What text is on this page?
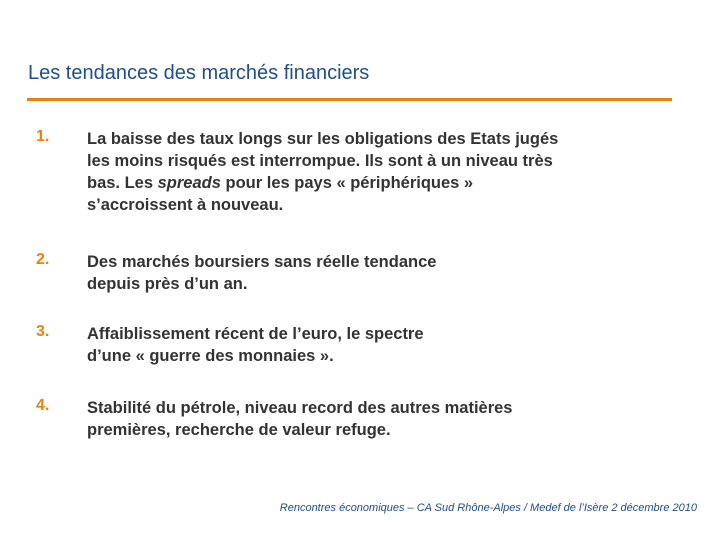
Les tendances des marchés financiers
1. La baisse des taux longs sur les obligations des Etats jugés
les moins risqués est interrompue. Ils sont à un niveau très
bas. Les spreads pour les pays « périphériques »
s’accroissent à nouveau.
2. Des marchés boursiers sans réelle tendance
depuis près d’un an.
3. Affaiblissement récent de l’euro, le spectre
d’une « guerre des monnaies ».
4. Stabilité du pétrole, niveau record des autres matières
premières, recherche de valeur refuge.
Rencontres économiques – CA Sud Rhône-Alpes / Medef de l’Isère 2 décembre 2010
